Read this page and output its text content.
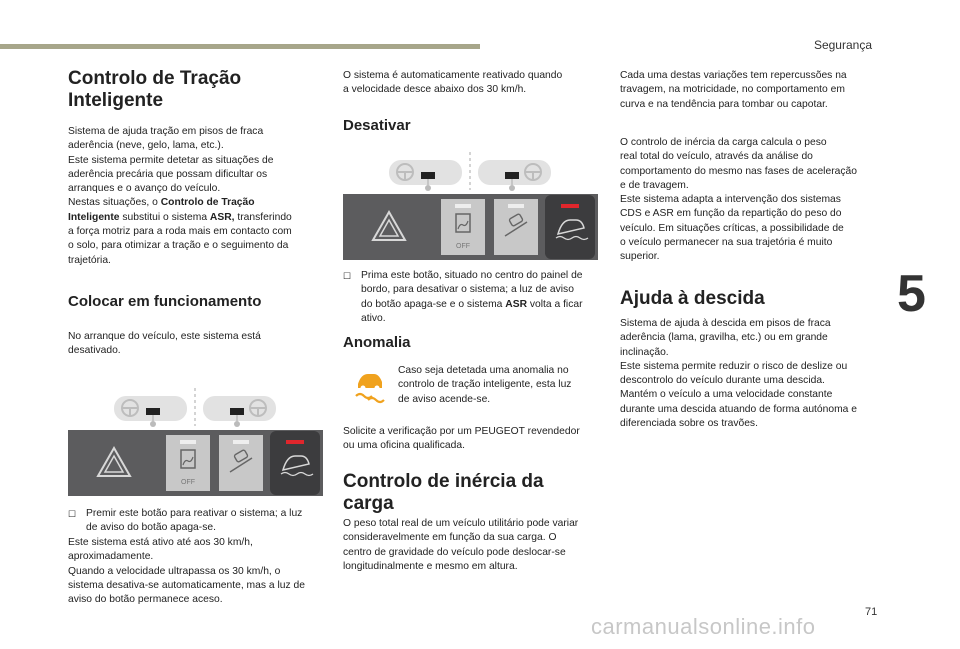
Segurança
5
71
carmanualsonline.info
Controlo de Tração
Inteligente

Sistema de ajuda tração em pisos de fraca
aderência (neve, gelo, lama, etc.).
Este sistema permite detetar as situações de
aderência precária que possam dificultar os
arranques e o avanço do veículo.
Nestas situações, o Controlo de Tração
Inteligente substitui o sistema ASR, transferindo
a força motriz para a roda mais em contacto com
o solo, para otimizar a tração e o seguimento da
trajetória.

Colocar em funcionamento

No arranque do veículo, este sistema está
desativado.

OFF
☐ Premir este botão para reativar o sistema; a luz
de aviso do botão apaga-se.

Este sistema está ativo até aos 30 km/h,
aproximadamente.
Quando a velocidade ultrapassa os 30 km/h, o
sistema desativa-se automaticamente, mas a luz de
aviso do botão permanece aceso.

O sistema é automaticamente reativado quando
a velocidade desce abaixo dos 30 km/h.

Desativar
OFF
☐ Prima este botão, situado no centro do painel de
bordo, para desativar o sistema; a luz de aviso
do botão apaga-se e o sistema ASR volta a ficar
ativo.
Anomalia

Caso seja detetada uma anomalia no
controlo de tração inteligente, esta luz
de aviso acende-se.

Solicite a verificação por um PEUGEOT revendedor
ou uma oficina qualificada.

Controlo de inércia da
carga

O peso total real de um veículo utilitário pode variar
consideravelmente em função da sua carga. O
centro de gravidade do veículo pode deslocar-se
longitudinalmente e mesmo em altura.

Cada uma destas variações tem repercussões na
travagem, na motricidade, no comportamento em
curva e na tendência para tombar ou capotar.

O controlo de inércia da carga calcula o peso
real total do veículo, através da análise do
comportamento do mesmo nas fases de aceleração
e de travagem.
Este sistema adapta a intervenção dos sistemas
CDS e ASR em função da repartição do peso do
veículo. Em situações críticas, a possibilidade de
o veículo permanecer na sua trajetória é muito
superior.

Ajuda à descida

Sistema de ajuda à descida em pisos de fraca
aderência (lama, gravilha, etc.) ou em grande
inclinação.
Este sistema permite reduzir o risco de deslize ou
descontrolo do veículo durante uma descida.
Mantém o veículo a uma velocidade constante
durante uma descida atuando de forma autónoma e
diferenciada sobre os travões.
